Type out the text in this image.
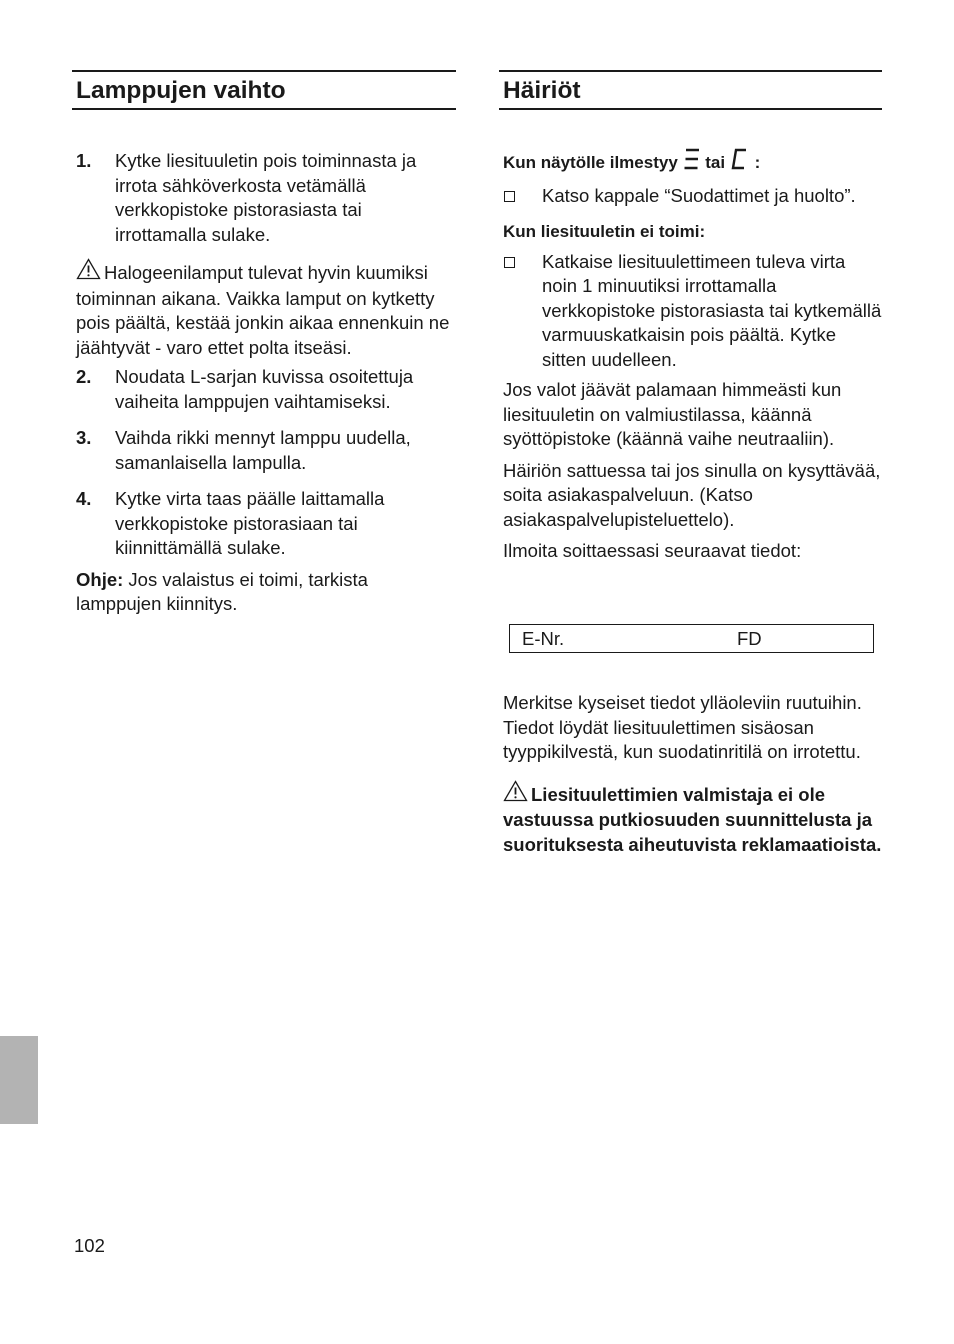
Lamppujen vaihto
1.	Kytke liesituuletin pois toiminnasta ja irrota sähköverkosta vetämällä verkkopistoke pistorasiasta tai irrottamalla sulake.

Halogeenilamput tulevat hyvin kuumiksi toiminnan aikana. Vaikka lamput on kytketty pois päältä, kestää jonkin aikaa ennenkuin ne jäähtyvät - varo ettet polta itseäsi.

2.	Noudata L-sarjan kuvissa osoitettuja vaiheita lamppujen vaihtamiseksi.
3.	Vaihda rikki mennyt lamppu uudella, samanlaisella lampulla.
4.	Kytke virta taas päälle laittamalla verkkopistoke pistorasiaan tai kiinnittämällä sulake.

Ohje: Jos valaistus ei toimi, tarkista lamppujen kiinnitys.

Häiriöt

Kun näytölle ilmestyy tai :

Katso kappale “Suodattimet ja huolto”.

Kun liesituuletin ei toimi:

Katkaise liesituulettimeen tuleva virta noin 1 minuutiksi irrottamalla verkkopistoke pistorasiasta tai kytkemällä varmuuskatkaisin pois päältä. Kytke sitten uudelleen.

Jos valot jäävät palamaan himmeästi kun liesituuletin on valmiustilassa, käännä syöttöpistoke (käännä vaihe neutraaliin).

Häiriön sattuessa tai jos sinulla on kysyttävää, soita asiakaspalveluun. (Katso asiakaspalvelupisteluettelo).

Ilmoita soittaessasi seuraavat tiedot:

E-Nr.	FD

Merkitse kyseiset tiedot ylläoleviin ruutuihin. Tiedot löydät liesituulettimen sisäosan tyyppikilvestä, kun suodatinritilä on irrotettu.

Liesituulettimien valmistaja ei ole vastuussa putkiosuuden suunnittelusta ja suorituksesta aiheutuvista reklamaatioista.

102
